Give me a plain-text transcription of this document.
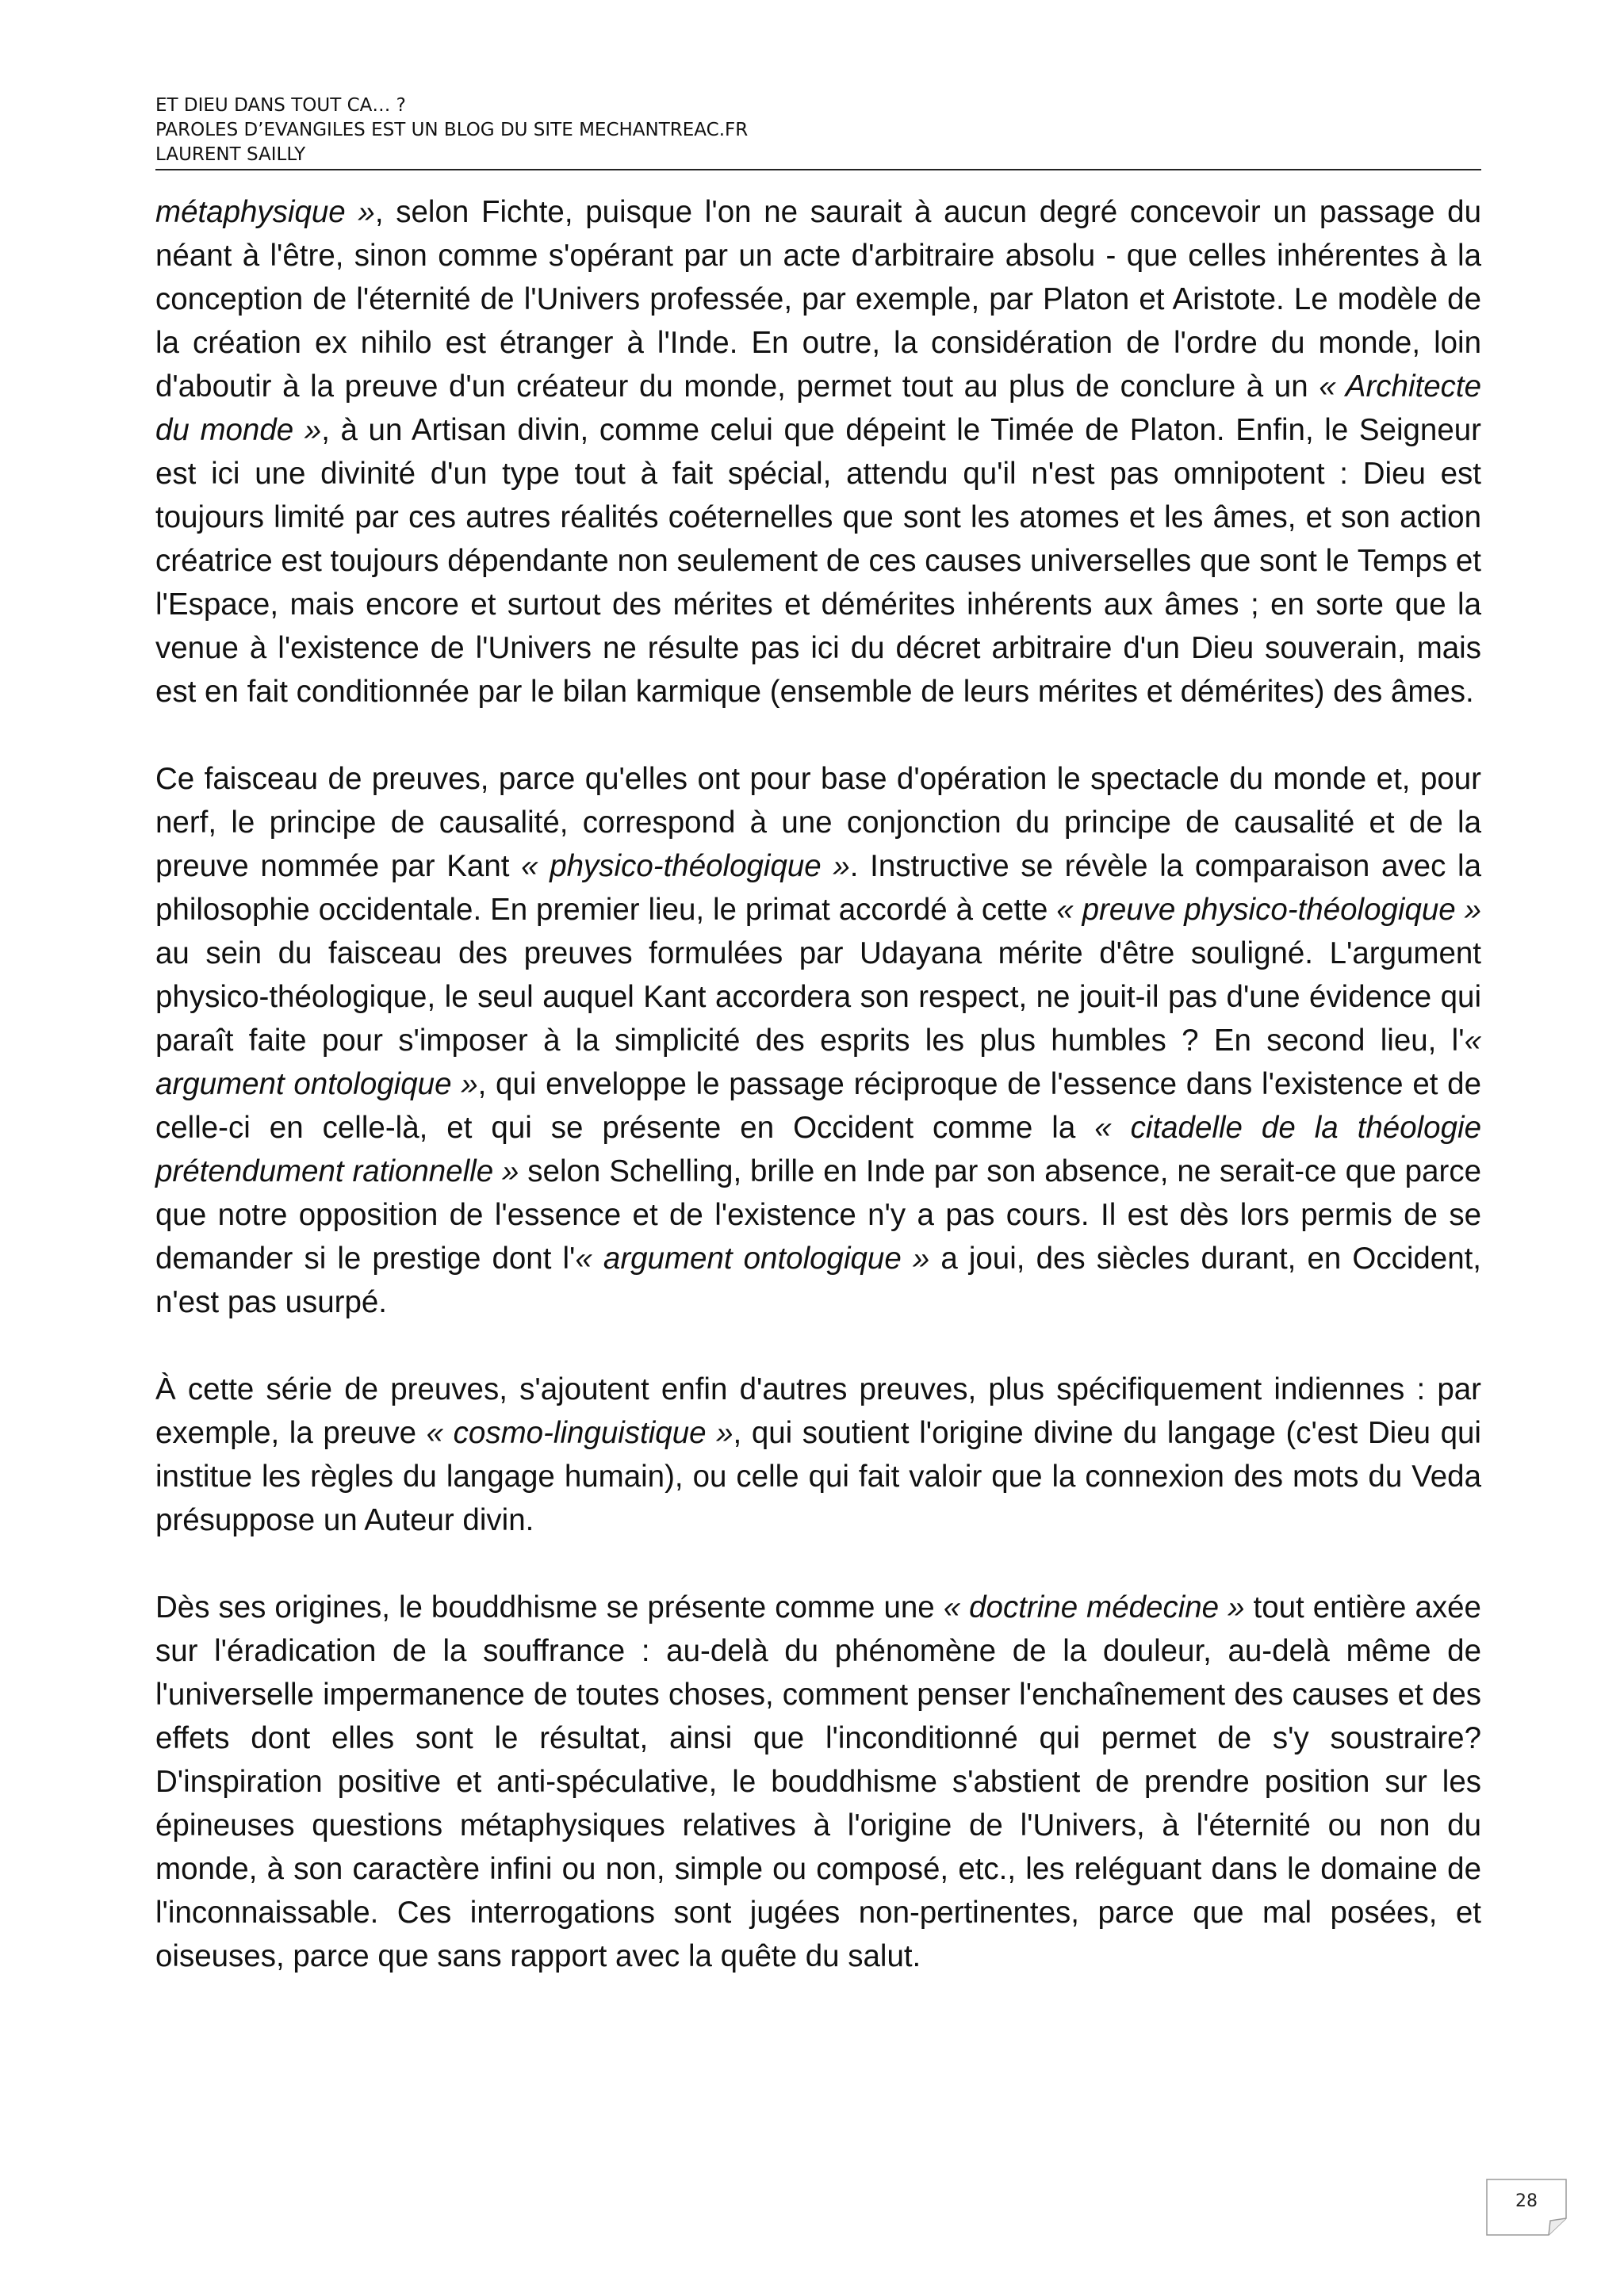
ET DIEU DANS TOUT CA… ?
PAROLES D’EVANGILES EST UN BLOG DU SITE MECHANTREAC.FR
LAURENT SAILLY

métaphysique », selon Fichte, puisque l'on ne saurait à aucun degré concevoir un passage du néant à l'être, sinon comme s'opérant par un acte d'arbitraire absolu - que celles inhérentes à la conception de l'éternité de l'Univers professée, par exemple, par Platon et Aristote. Le modèle de la création ex nihilo est étranger à l'Inde. En outre, la considération de l'ordre du monde, loin d'aboutir à la preuve d'un créateur du monde, permet tout au plus de conclure à un « Architecte du monde », à un Artisan divin, comme celui que dépeint le Timée de Platon. Enfin, le Seigneur est ici une divinité d'un type tout à fait spécial, attendu qu'il n'est pas omnipotent : Dieu est toujours limité par ces autres réalités coéternelles que sont les atomes et les âmes, et son action créatrice est toujours dépendante non seulement de ces causes universelles que sont le Temps et l'Espace, mais encore et surtout des mérites et démérites inhérents aux âmes ; en sorte que la venue à l'existence de l'Univers ne résulte pas ici du décret arbitraire d'un Dieu souverain, mais est en fait conditionnée par le bilan karmique (ensemble de leurs mérites et démérites) des âmes.

Ce faisceau de preuves, parce qu'elles ont pour base d'opération le spectacle du monde et, pour nerf, le principe de causalité, correspond à une conjonction du principe de causalité et de la preuve nommée par Kant « physico-théologique ». Instructive se révèle la comparaison avec la philosophie occidentale. En premier lieu, le primat accordé à cette « preuve physico-théologique » au sein du faisceau des preuves formulées par Udayana mérite d'être souligné. L'argument physico-théologique, le seul auquel Kant accordera son respect, ne jouit-il pas d'une évidence qui paraît faite pour s'imposer à la simplicité des esprits les plus humbles ? En second lieu, l'« argument ontologique », qui enveloppe le passage réciproque de l'essence dans l'existence et de celle-ci en celle-là, et qui se présente en Occident comme la « citadelle de la théologie prétendument rationnelle » selon Schelling, brille en Inde par son absence, ne serait-ce que parce que notre opposition de l'essence et de l'existence n'y a pas cours. Il est dès lors permis de se demander si le prestige dont l'« argument ontologique » a joui, des siècles durant, en Occident, n'est pas usurpé.

À cette série de preuves, s'ajoutent enfin d'autres preuves, plus spécifiquement indiennes : par exemple, la preuve « cosmo-linguistique », qui soutient l'origine divine du langage (c'est Dieu qui institue les règles du langage humain), ou celle qui fait valoir que la connexion des mots du Veda présuppose un Auteur divin.

Dès ses origines, le bouddhisme se présente comme une « doctrine médecine » tout entière axée sur l'éradication de la souffrance : au-delà du phénomène de la douleur, au-delà même de l'universelle impermanence de toutes choses, comment penser l'enchaînement des causes et des effets dont elles sont le résultat, ainsi que l'inconditionné qui permet de s'y soustraire? D'inspiration positive et anti-spéculative, le bouddhisme s'abstient de prendre position sur les épineuses questions métaphysiques relatives à l'origine de l'Univers, à l'éternité ou non du monde, à son caractère infini ou non, simple ou composé, etc., les reléguant dans le domaine de l'inconnaissable. Ces interrogations sont jugées non-pertinentes, parce que mal posées, et oiseuses, parce que sans rapport avec la quête du salut.

28
